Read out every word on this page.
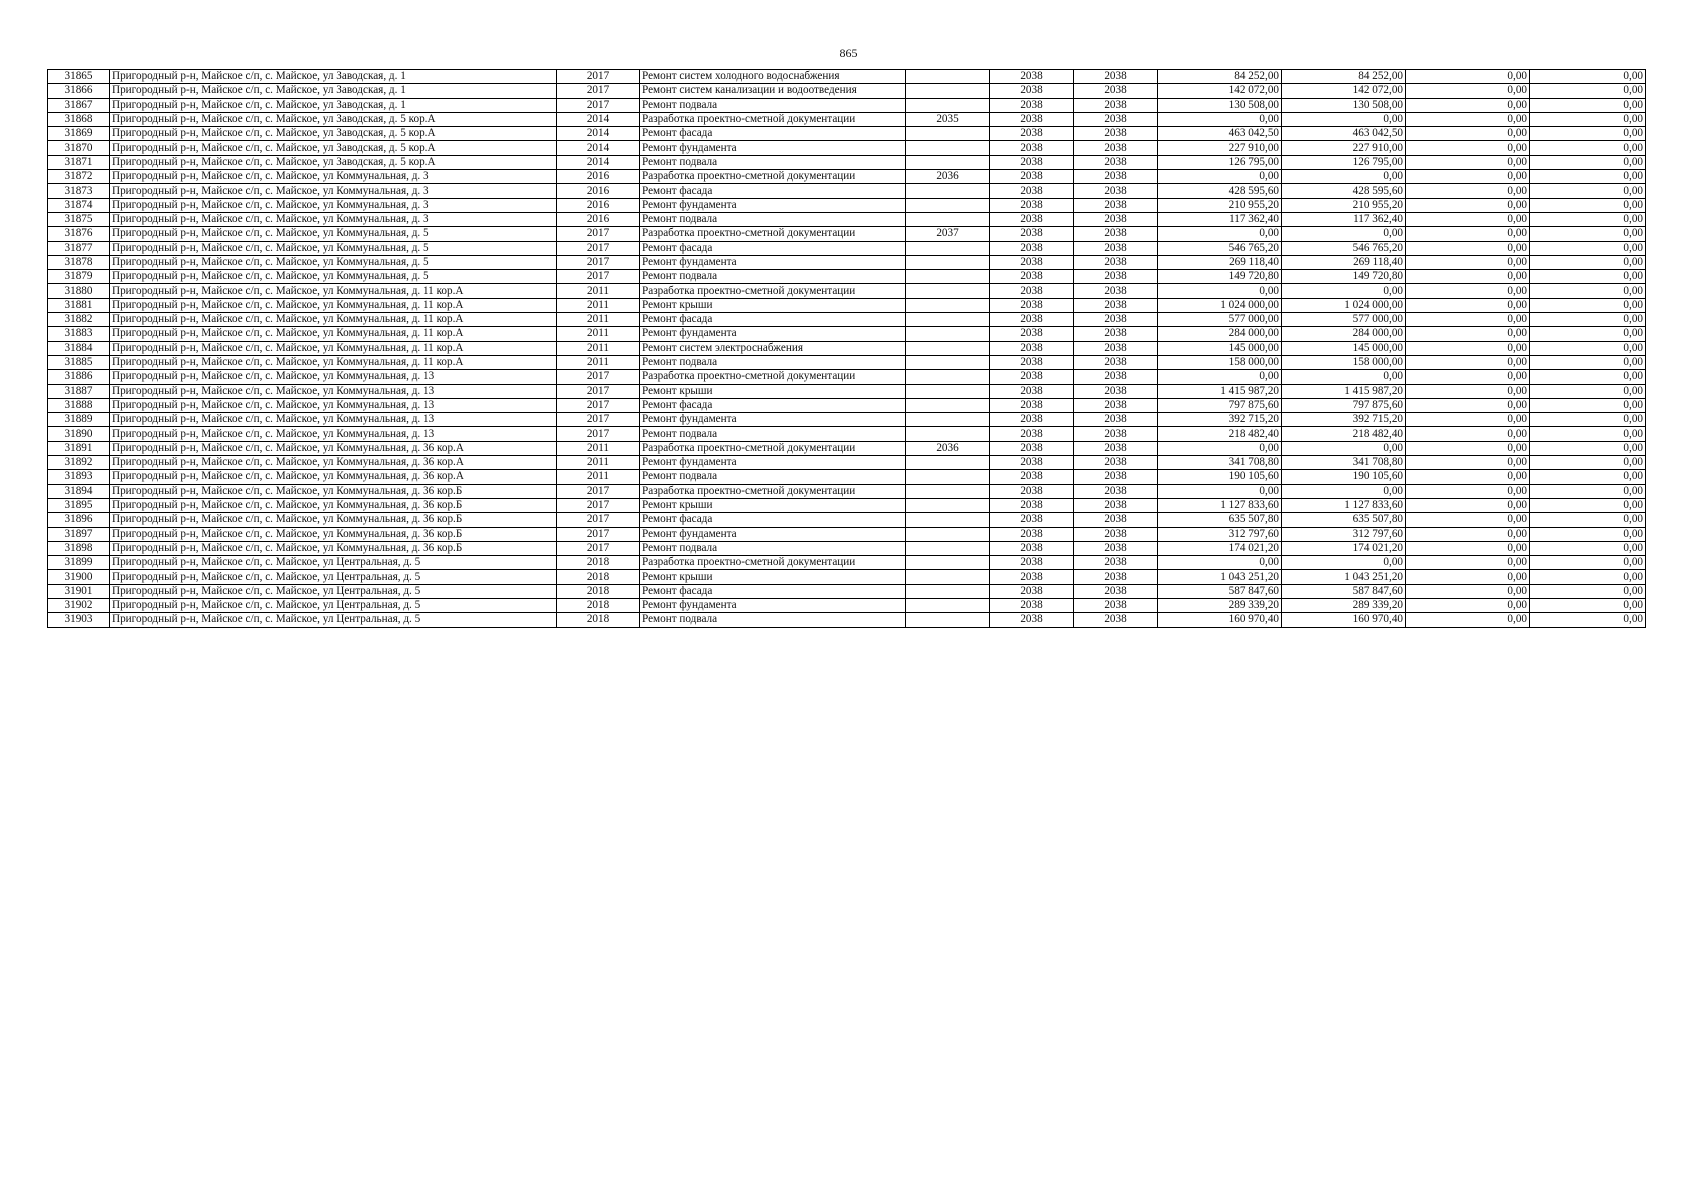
865
31865	Пригородный р-н, Майское с/п, с. Майское, ул Заводская, д. 1	2017	Ремонт систем холодного водоснабжения		2038	2038	84 252,00	84 252,00	0,00	0,00
31866	Пригородный р-н, Майское с/п, с. Майское, ул Заводская, д. 1	2017	Ремонт систем канализации и водоотведения		2038	2038	142 072,00	142 072,00	0,00	0,00
31867	Пригородный р-н, Майское с/п, с. Майское, ул Заводская, д. 1	2017	Ремонт подвала		2038	2038	130 508,00	130 508,00	0,00	0,00
31868	Пригородный р-н, Майское с/п, с. Майское, ул Заводская, д. 5 кор.А	2014	Разработка проектно-сметной документации	2035	2038	2038	0,00	0,00	0,00	0,00
31869	Пригородный р-н, Майское с/п, с. Майское, ул Заводская, д. 5 кор.А	2014	Ремонт фасада		2038	2038	463 042,50	463 042,50	0,00	0,00
31870	Пригородный р-н, Майское с/п, с. Майское, ул Заводская, д. 5 кор.А	2014	Ремонт фундамента		2038	2038	227 910,00	227 910,00	0,00	0,00
31871	Пригородный р-н, Майское с/п, с. Майское, ул Заводская, д. 5 кор.А	2014	Ремонт подвала		2038	2038	126 795,00	126 795,00	0,00	0,00
31872	Пригородный р-н, Майское с/п, с. Майское, ул Коммунальная, д. 3	2016	Разработка проектно-сметной документации	2036	2038	2038	0,00	0,00	0,00	0,00
31873	Пригородный р-н, Майское с/п, с. Майское, ул Коммунальная, д. 3	2016	Ремонт фасада		2038	2038	428 595,60	428 595,60	0,00	0,00
31874	Пригородный р-н, Майское с/п, с. Майское, ул Коммунальная, д. 3	2016	Ремонт фундамента		2038	2038	210 955,20	210 955,20	0,00	0,00
31875	Пригородный р-н, Майское с/п, с. Майское, ул Коммунальная, д. 3	2016	Ремонт подвала		2038	2038	117 362,40	117 362,40	0,00	0,00
31876	Пригородный р-н, Майское с/п, с. Майское, ул Коммунальная, д. 5	2017	Разработка проектно-сметной документации	2037	2038	2038	0,00	0,00	0,00	0,00
31877	Пригородный р-н, Майское с/п, с. Майское, ул Коммунальная, д. 5	2017	Ремонт фасада		2038	2038	546 765,20	546 765,20	0,00	0,00
31878	Пригородный р-н, Майское с/п, с. Майское, ул Коммунальная, д. 5	2017	Ремонт фундамента		2038	2038	269 118,40	269 118,40	0,00	0,00
31879	Пригородный р-н, Майское с/п, с. Майское, ул Коммунальная, д. 5	2017	Ремонт подвала		2038	2038	149 720,80	149 720,80	0,00	0,00
31880	Пригородный р-н, Майское с/п, с. Майское, ул Коммунальная, д. 11 кор.А	2011	Разработка проектно-сметной документации		2038	2038	0,00	0,00	0,00	0,00
31881	Пригородный р-н, Майское с/п, с. Майское, ул Коммунальная, д. 11 кор.А	2011	Ремонт крыши		2038	2038	1 024 000,00	1 024 000,00	0,00	0,00
31882	Пригородный р-н, Майское с/п, с. Майское, ул Коммунальная, д. 11 кор.А	2011	Ремонт фасада		2038	2038	577 000,00	577 000,00	0,00	0,00
31883	Пригородный р-н, Майское с/п, с. Майское, ул Коммунальная, д. 11 кор.А	2011	Ремонт фундамента		2038	2038	284 000,00	284 000,00	0,00	0,00
31884	Пригородный р-н, Майское с/п, с. Майское, ул Коммунальная, д. 11 кор.А	2011	Ремонт систем электроснабжения		2038	2038	145 000,00	145 000,00	0,00	0,00
31885	Пригородный р-н, Майское с/п, с. Майское, ул Коммунальная, д. 11 кор.А	2011	Ремонт подвала		2038	2038	158 000,00	158 000,00	0,00	0,00
31886	Пригородный р-н, Майское с/п, с. Майское, ул Коммунальная, д. 13	2017	Разработка проектно-сметной документации		2038	2038	0,00	0,00	0,00	0,00
31887	Пригородный р-н, Майское с/п, с. Майское, ул Коммунальная, д. 13	2017	Ремонт крыши		2038	2038	1 415 987,20	1 415 987,20	0,00	0,00
31888	Пригородный р-н, Майское с/п, с. Майское, ул Коммунальная, д. 13	2017	Ремонт фасада		2038	2038	797 875,60	797 875,60	0,00	0,00
31889	Пригородный р-н, Майское с/п, с. Майское, ул Коммунальная, д. 13	2017	Ремонт фундамента		2038	2038	392 715,20	392 715,20	0,00	0,00
31890	Пригородный р-н, Майское с/п, с. Майское, ул Коммунальная, д. 13	2017	Ремонт подвала		2038	2038	218 482,40	218 482,40	0,00	0,00
31891	Пригородный р-н, Майское с/п, с. Майское, ул Коммунальная, д. 36 кор.А	2011	Разработка проектно-сметной документации	2036	2038	2038	0,00	0,00	0,00	0,00
31892	Пригородный р-н, Майское с/п, с. Майское, ул Коммунальная, д. 36 кор.А	2011	Ремонт фундамента		2038	2038	341 708,80	341 708,80	0,00	0,00
31893	Пригородный р-н, Майское с/п, с. Майское, ул Коммунальная, д. 36 кор.А	2011	Ремонт подвала		2038	2038	190 105,60	190 105,60	0,00	0,00
31894	Пригородный р-н, Майское с/п, с. Майское, ул Коммунальная, д. 36 кор.Б	2017	Разработка проектно-сметной документации		2038	2038	0,00	0,00	0,00	0,00
31895	Пригородный р-н, Майское с/п, с. Майское, ул Коммунальная, д. 36 кор.Б	2017	Ремонт крыши		2038	2038	1 127 833,60	1 127 833,60	0,00	0,00
31896	Пригородный р-н, Майское с/п, с. Майское, ул Коммунальная, д. 36 кор.Б	2017	Ремонт фасада		2038	2038	635 507,80	635 507,80	0,00	0,00
31897	Пригородный р-н, Майское с/п, с. Майское, ул Коммунальная, д. 36 кор.Б	2017	Ремонт фундамента		2038	2038	312 797,60	312 797,60	0,00	0,00
31898	Пригородный р-н, Майское с/п, с. Майское, ул Коммунальная, д. 36 кор.Б	2017	Ремонт подвала		2038	2038	174 021,20	174 021,20	0,00	0,00
31899	Пригородный р-н, Майское с/п, с. Майское, ул Центральная, д. 5	2018	Разработка проектно-сметной документации		2038	2038	0,00	0,00	0,00	0,00
31900	Пригородный р-н, Майское с/п, с. Майское, ул Центральная, д. 5	2018	Ремонт крыши		2038	2038	1 043 251,20	1 043 251,20	0,00	0,00
31901	Пригородный р-н, Майское с/п, с. Майское, ул Центральная, д. 5	2018	Ремонт фасада		2038	2038	587 847,60	587 847,60	0,00	0,00
31902	Пригородный р-н, Майское с/п, с. Майское, ул Центральная, д. 5	2018	Ремонт фундамента		2038	2038	289 339,20	289 339,20	0,00	0,00
31903	Пригородный р-н, Майское с/п, с. Майское, ул Центральная, д. 5	2018	Ремонт подвала		2038	2038	160 970,40	160 970,40	0,00	0,00
